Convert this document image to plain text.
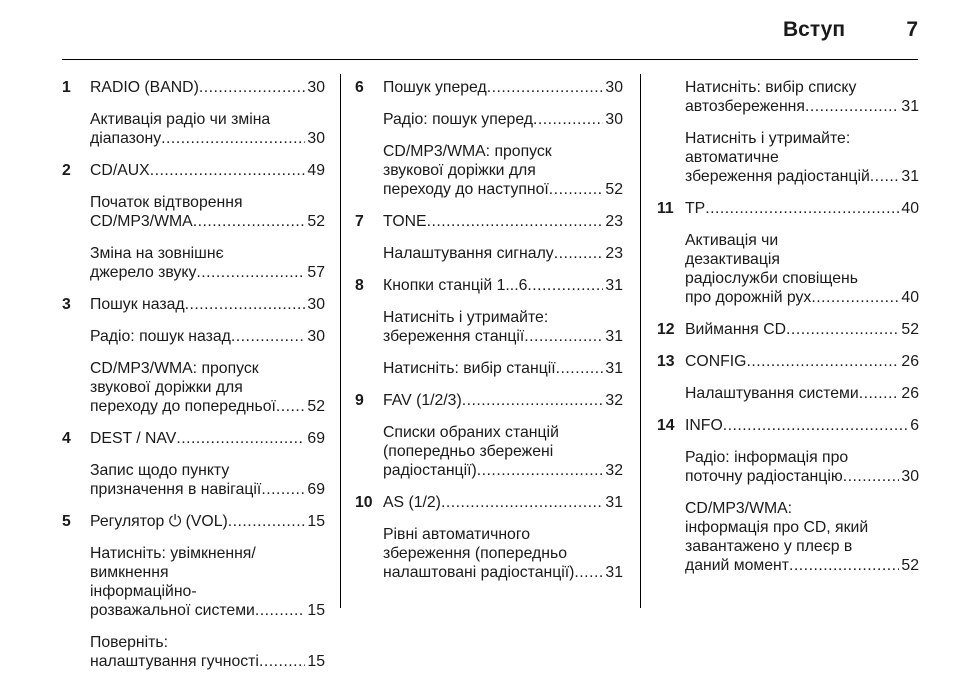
Вступ	7
1 RADIO (BAND) .....	30
Активація радіо чи зміна
діапазону .....	30
2 CD/AUX .....	49
Початок відтворення
CD/MP3/WMA .....	52
Зміна на зовнішнє
джерело звуку .....	57
3 Пошук назад .....	30
Радіо: пошук назад .....	30
CD/MP3/WMA: пропуск
звукової доріжки для
переходу до попередньої ..... 52
4 DEST / NAV .....	69
Запис щодо пункту
призначення в навігації .....	69
5 Регулятор ⏻ (VOL) .....	15
Натисніть: увімкнення/
вимкнення
інформаційно-
розважальної системи .....	15
Поверніть:
налаштування гучності .....	15
6 Пошук уперед .....	30
Радіо: пошук уперед .....	30
CD/MP3/WMA: пропуск
звукової доріжки для
переходу до наступної .....	52
7 TONE .....	23
Налаштування сигналу .....	23
8 Кнопки станцій 1...6 .....	31
Натисніть і утримайте:
збереження станції .....	31
Натисніть: вибір станції .....	31
9 FAV (1/2/3) .....	32
Списки обраних станцій
(попередньо збережені
радіостанції) .....	32
10 AS (1/2) .....	31
Рівні автоматичного
збереження (попередньо
налаштовані радіостанції) ..... 31
Натисніть: вибір списку
автозбереження .....	31
Натисніть і утримайте:
автоматичне
збереження радіостанцій ..... 31
11 TP .....	40
Активація чи
дезактивація
радіослужби сповіщень
про дорожній рух .....	40
12 Виймання CD .....	52
13 CONFIG .....	26
Налаштування системи .....	26
14 INFO .....	6
Радіо: інформація про
поточну радіостанцію .....	30
CD/MP3/WMA:
інформація про CD, який
завантажено у плеєр в
даний момент .....	52
